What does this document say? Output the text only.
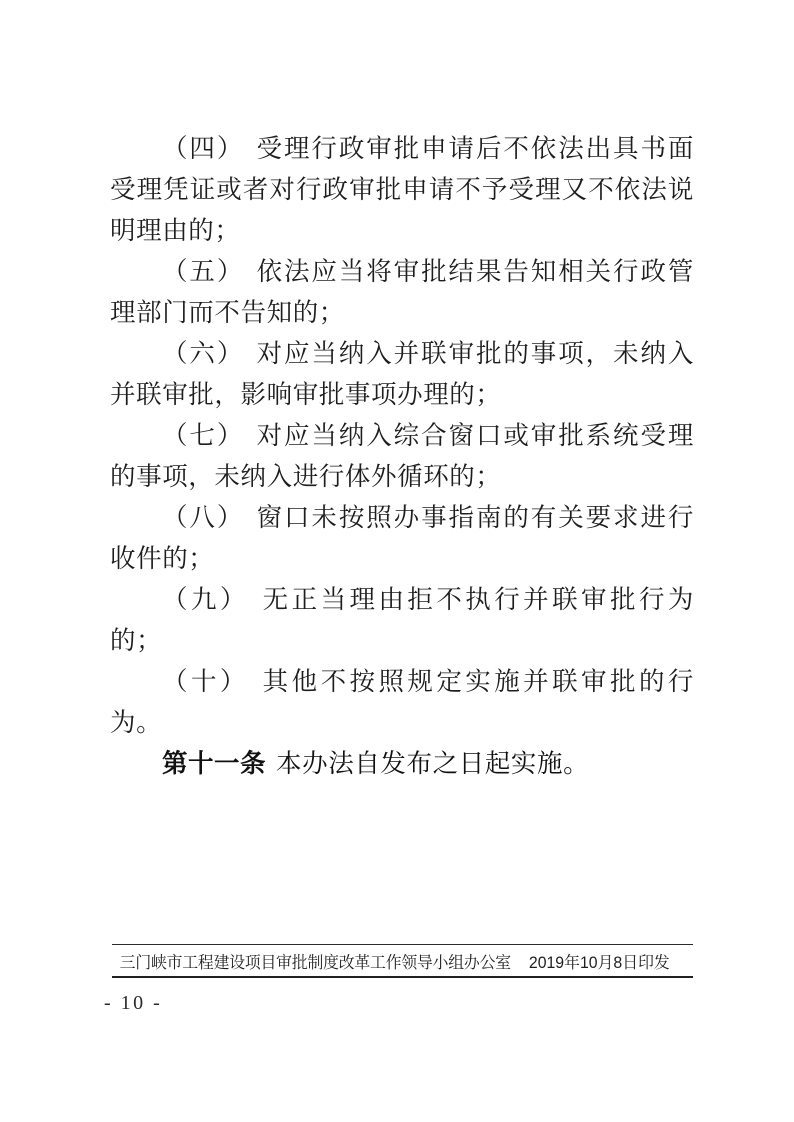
（四） 受理行政审批申请后不依法出具书面受理凭证或者对行政审批申请不予受理又不依法说明理由的；

（五） 依法应当将审批结果告知相关行政管理部门而不告知的；

（六） 对应当纳入并联审批的事项，未纳入并联审批，影响审批事项办理的；

（七） 对应当纳入综合窗口或审批系统受理的事项，未纳入进行体外循环的；

（八） 窗口未按照办事指南的有关要求进行收件的；

（九） 无正当理由拒不执行并联审批行为的；

（十） 其他不按照规定实施并联审批的行为。

第十一条 本办法自发布之日起实施。

三门峡市工程建设项目审批制度改革工作领导小组办公室 2019年10月8日印发
- 10 -
